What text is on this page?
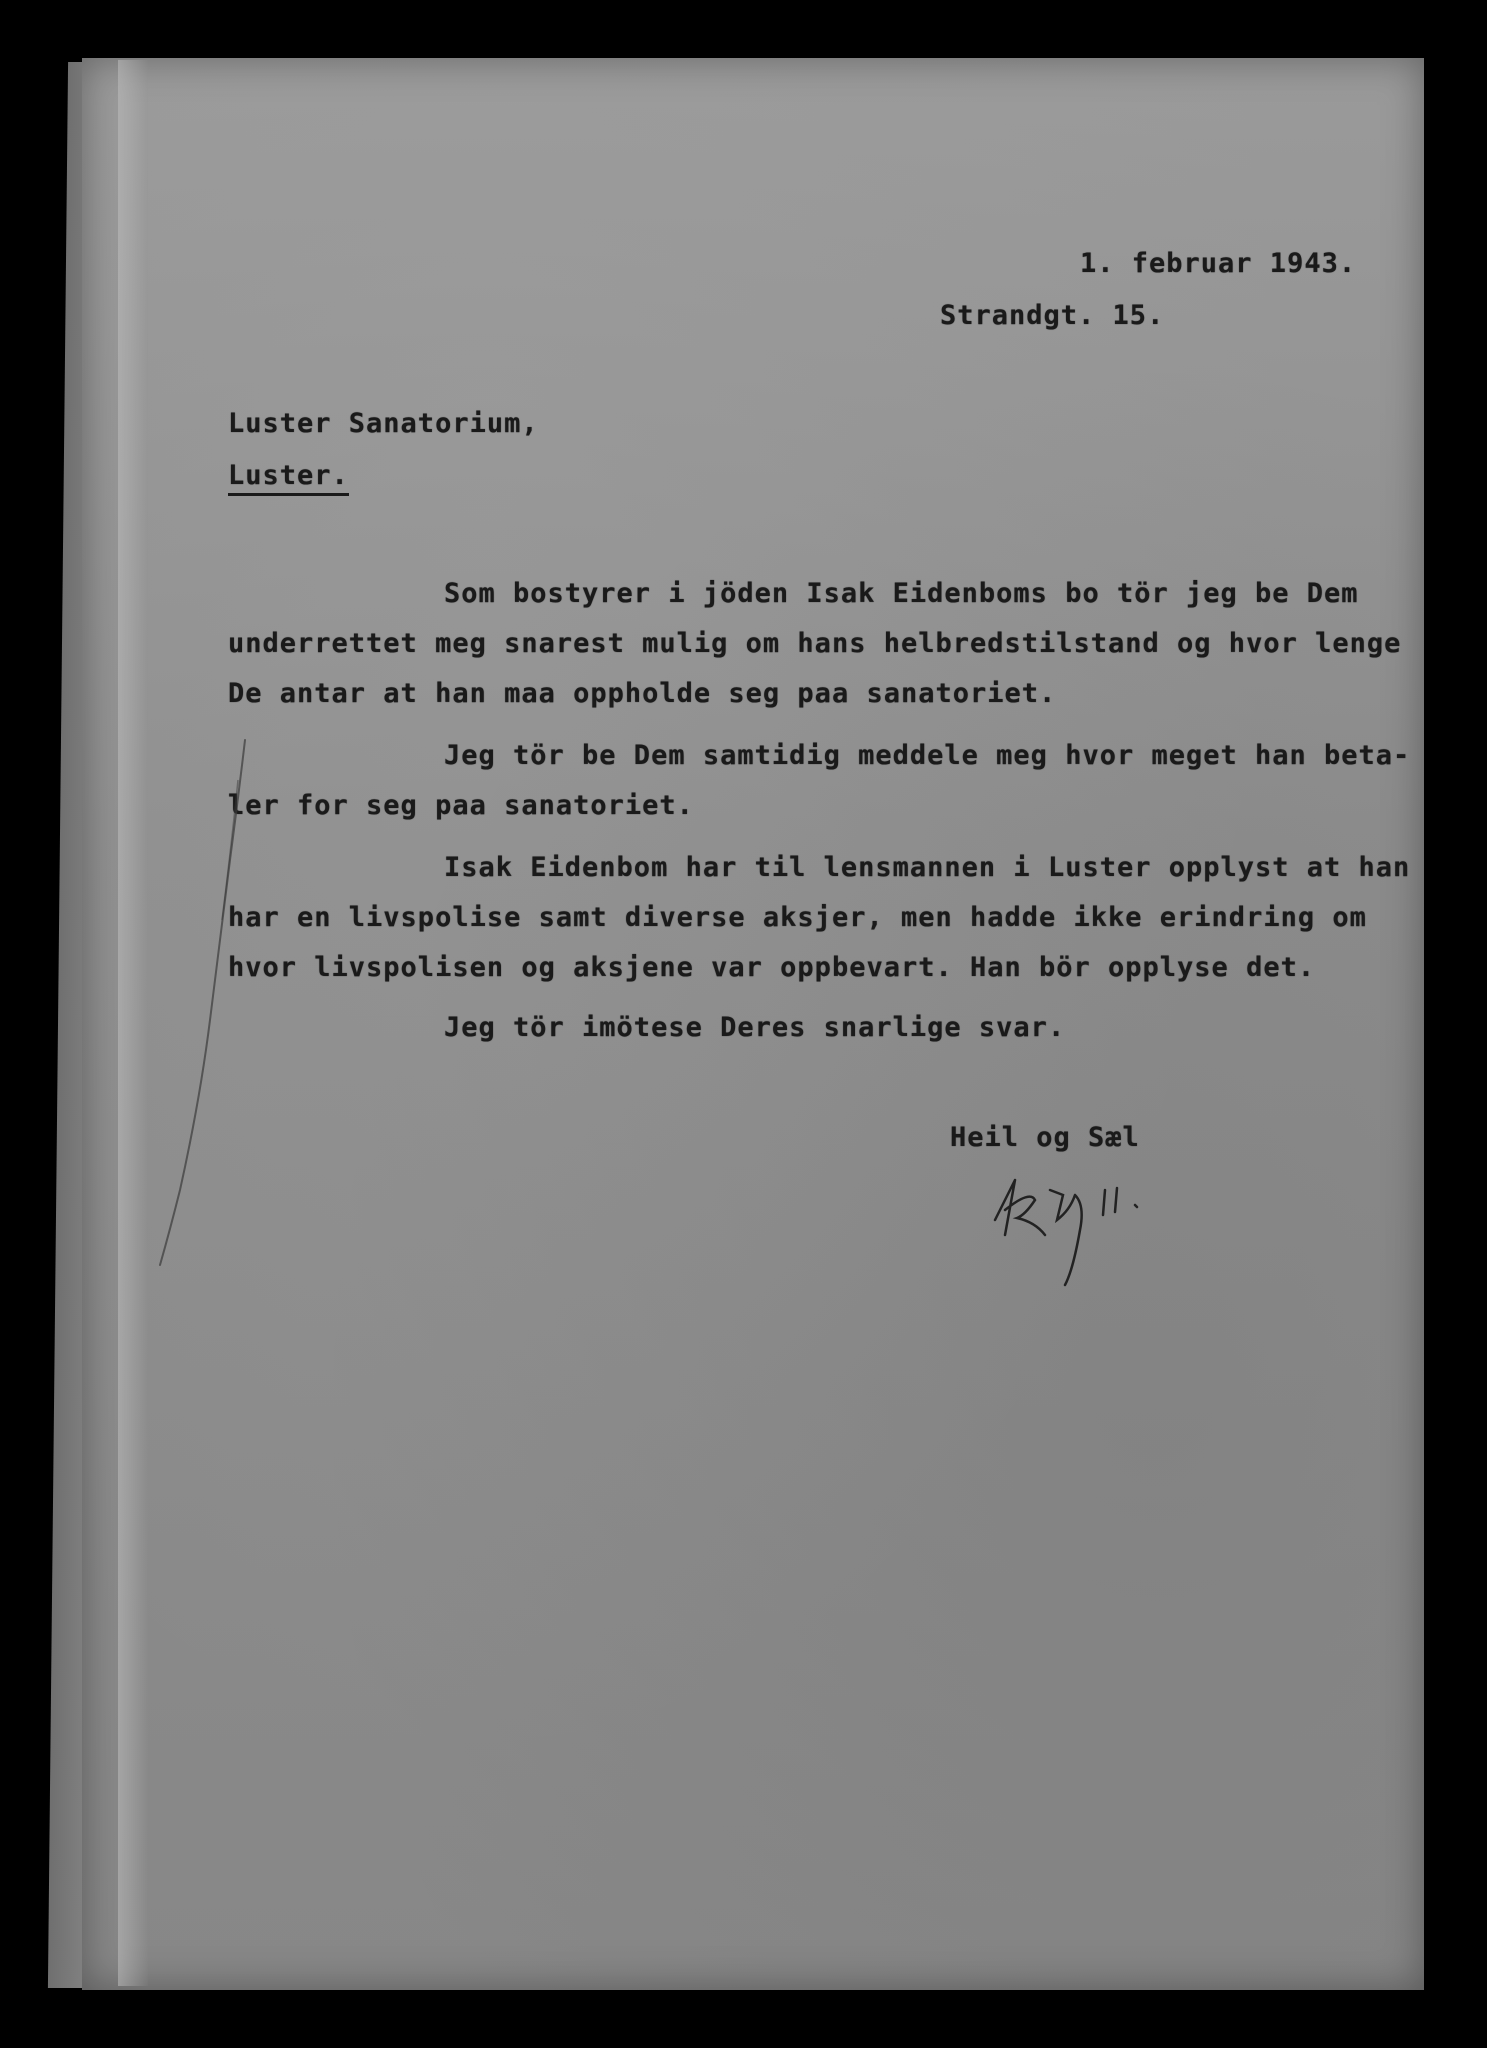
1. februar 1943.
Strandgt. 15.
Luster Sanatorium,
Luster.
Som bostyrer i jöden Isak Eidenboms bo tör jeg be Dem
underrettet meg snarest mulig om hans helbredstilstand og hvor lenge
De antar at han maa oppholde seg paa sanatoriet.
Jeg tör be Dem samtidig meddele meg hvor meget han beta-
ler for seg paa sanatoriet.
Isak Eidenbom har til lensmannen i Luster opplyst at han
har en livspolise samt diverse aksjer, men hadde ikke erindring om
hvor livspolisen og aksjene var oppbevart. Han bör opplyse det.
Jeg tör imötese Deres snarlige svar.
Heil og Sæl
